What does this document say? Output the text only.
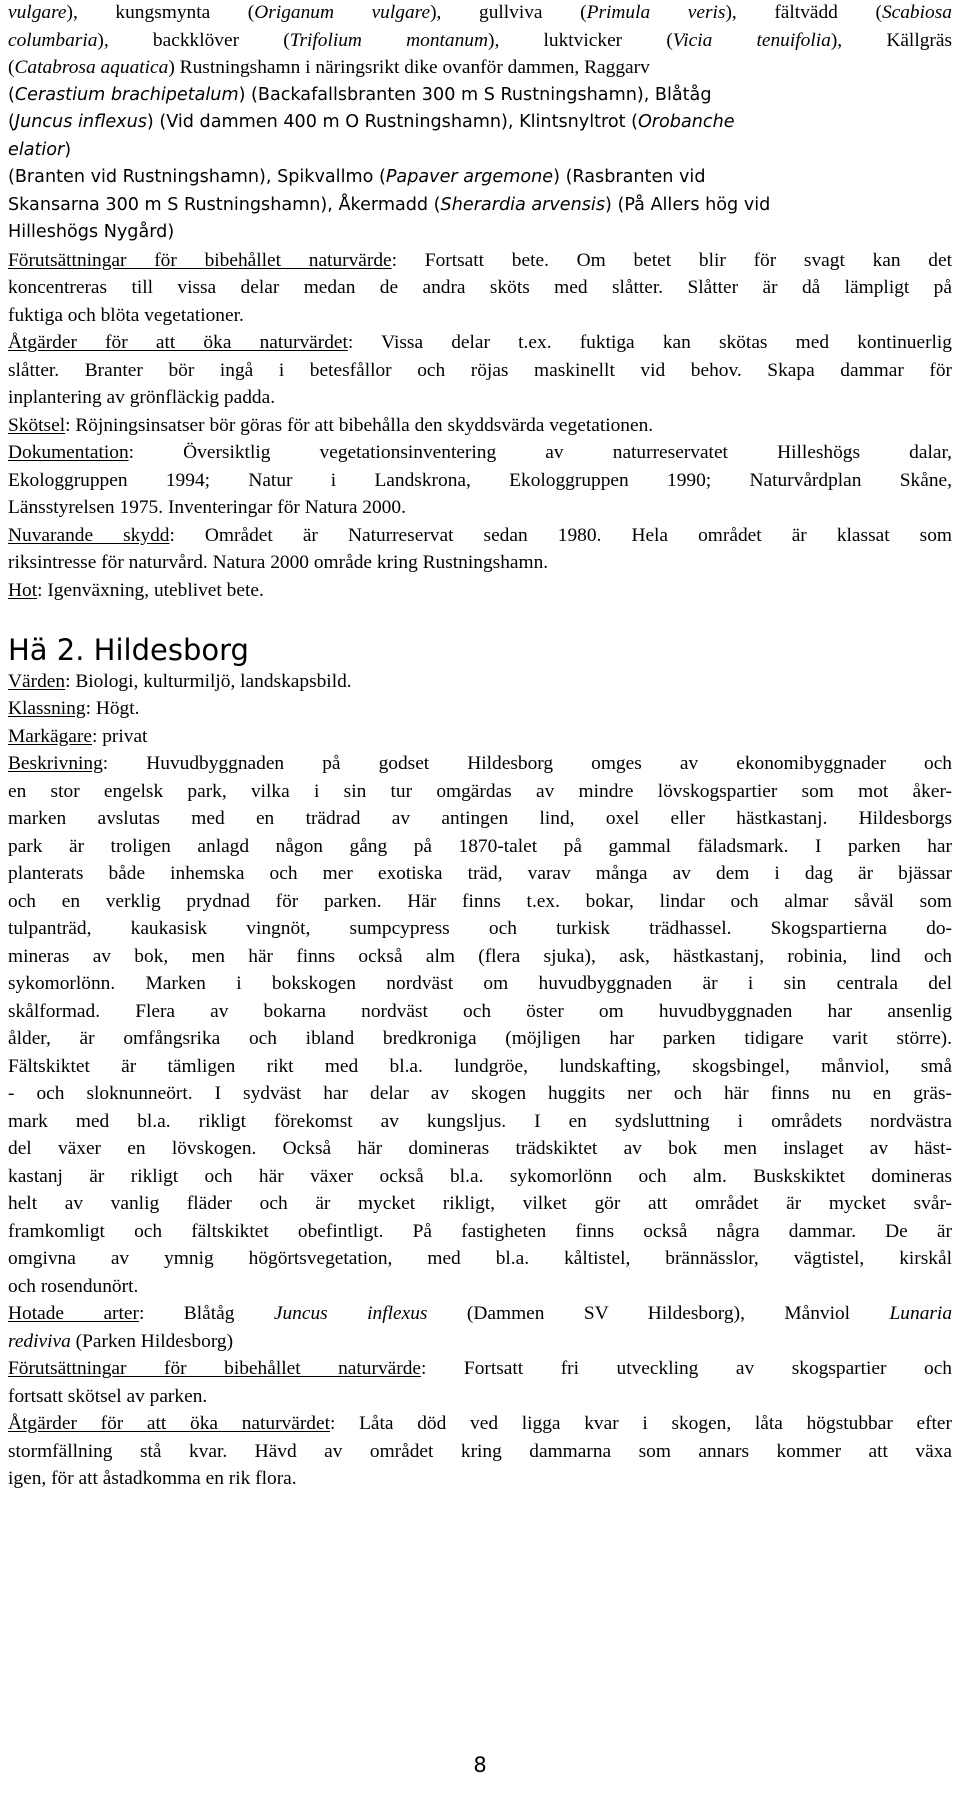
vulgare), kungsmynta (Origanum vulgare), gullviva (Primula veris), fältvädd (Scabiosa
columbaria), backklöver (Trifolium montanum), luktvicker (Vicia tenuifolia), Källgräs
(Catabrosa aquatica) Rustningshamn i näringsrikt dike ovanför dammen, Raggarv
(Cerastium brachipetalum) (Backafallsbranten 300 m S Rustningshamn), Blåtåg
(Juncus inflexus) (Vid dammen 400 m O Rustningshamn), Klintsnyltrot (Orobanche
elatior)
(Branten vid Rustningshamn), Spikvallmo (Papaver argemone) (Rasbranten vid
Skansarna 300 m S Rustningshamn), Åkermadd (Sherardia arvensis) (På Allers hög vid
Hilleshögs Nygård)
Förutsättningar för bibehållet naturvärde: Fortsatt bete. Om betet blir för svagt kan det
koncentreras till vissa delar medan de andra sköts med slåtter. Slåtter är då lämpligt på
fuktiga och blöta vegetationer.
Åtgärder för att öka naturvärdet: Vissa delar t.ex. fuktiga kan skötas med kontinuerlig
slåtter. Branter bör ingå i betesfållor och röjas maskinellt vid behov. Skapa dammar för
inplantering av grönfläckig padda.
Skötsel: Röjningsinsatser bör göras för att bibehålla den skyddsvärda vegetationen.
Dokumentation: Översiktlig vegetationsinventering av naturreservatet Hilleshögs dalar,
Ekologgruppen 1994; Natur i Landskrona, Ekologgruppen 1990; Naturvårdplan Skåne,
Länsstyrelsen 1975. Inventeringar för Natura 2000.
Nuvarande skydd: Området är Naturreservat sedan 1980. Hela området är klassat som
riksintresse för naturvård. Natura 2000 område kring Rustningshamn.
Hot: Igenväxning, uteblivet bete.
Hä 2. Hildesborg
Värden: Biologi, kulturmiljö, landskapsbild.
Klassning: Högt.
Markägare: privat
Beskrivning: Huvudbyggnaden på godset Hildesborg omges av ekonomibyggnader och
en stor engelsk park, vilka i sin tur omgärdas av mindre lövskogspartier som mot åker-
marken avslutas med en trädrad av antingen lind, oxel eller hästkastanj. Hildesborgs
park är troligen anlagd någon gång på 1870-talet på gammal fäladsmark. I parken har
planterats både inhemska och mer exotiska träd, varav många av dem i dag är bjässar
och en verklig prydnad för parken. Här finns t.ex. bokar, lindar och almar såväl som
tulpanträd, kaukasisk vingnöt, sumpcypress och turkisk trädhassel. Skogspartierna do-
mineras av bok, men här finns också alm (flera sjuka), ask, hästkastanj, robinia, lind och
sykomorlönn. Marken i bokskogen nordväst om huvudbyggnaden är i sin centrala del
skålformad. Flera av bokarna nordväst och öster om huvudbyggnaden har ansenlig
ålder, är omfångsrika och ibland bredkroniga (möjligen har parken tidigare varit större).
Fältskiktet är tämligen rikt med bl.a. lundgröe, lundskafting, skogsbingel, månviol, små
- och sloknunneört. I sydväst har delar av skogen huggits ner och här finns nu en gräs-
mark med bl.a. rikligt förekomst av kungsljus. I en sydsluttning i områdets nordvästra
del växer en lövskogen. Också här domineras trädskiktet av bok men inslaget av häst-
kastanj är rikligt och här växer också bl.a. sykomorlönn och alm. Buskskiktet domineras
helt av vanlig fläder och är mycket rikligt, vilket gör att området är mycket svår-
framkomligt och fältskiktet obefintligt. På fastigheten finns också några dammar. De är
omgivna av ymnig högörtsvegetation, med bl.a. kåltistel, brännässlor, vägtistel, kirskål
och rosendunört.
Hotade arter: Blåtåg Juncus inflexus (Dammen SV Hildesborg), Månviol Lunaria
rediviva (Parken Hildesborg)
Förutsättningar för bibehållet naturvärde: Fortsatt fri utveckling av skogspartier och
fortsatt skötsel av parken.
Åtgärder för att öka naturvärdet: Låta död ved ligga kvar i skogen, låta högstubbar efter
stormfällning stå kvar. Hävd av området kring dammarna som annars kommer att växa
igen, för att åstadkomma en rik flora.
8
